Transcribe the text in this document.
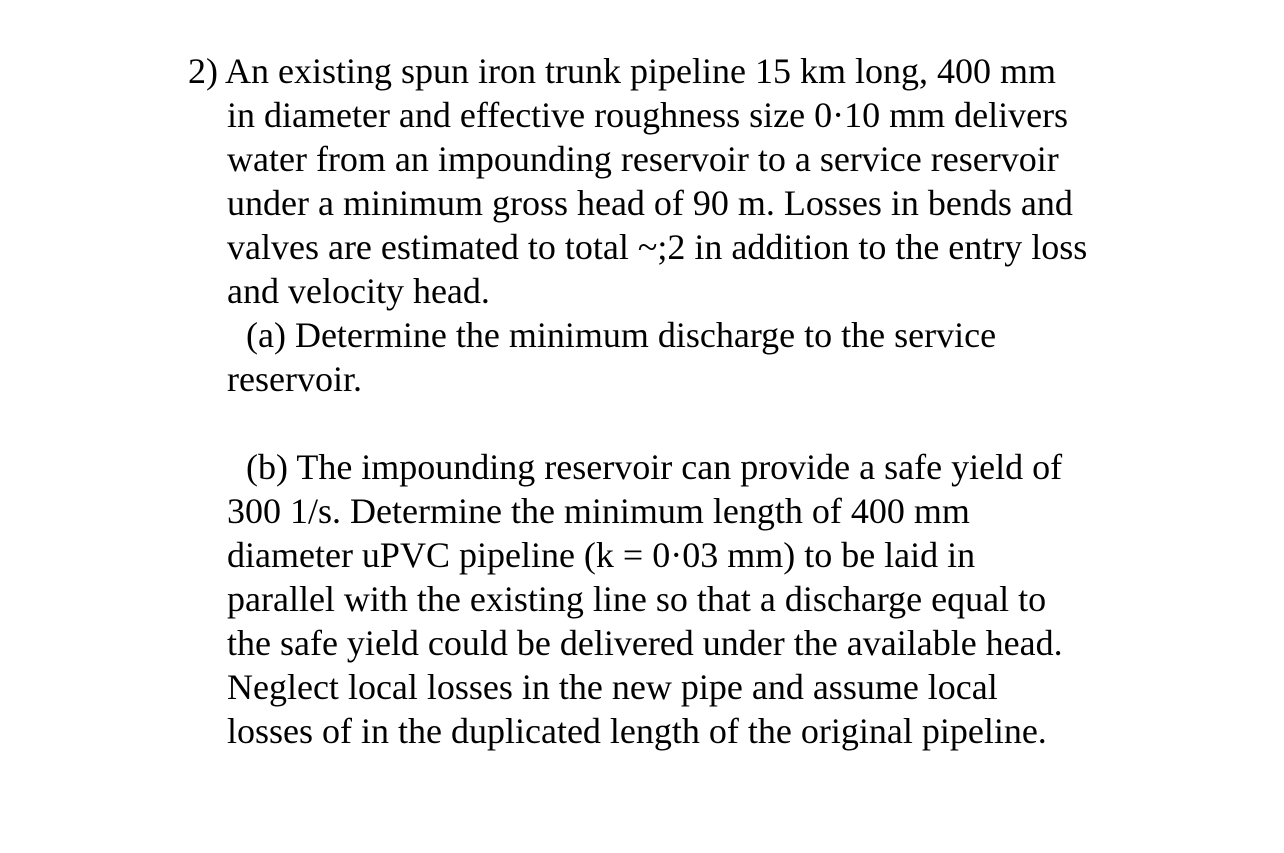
2) An existing spun iron trunk pipeline 15 km long, 400 mm
in diameter and effective roughness size 0·10 mm delivers
water from an impounding reservoir to a service reservoir
under a minimum gross head of 90 m. Losses in bends and
valves are estimated to total ~;2 in addition to the entry loss
and velocity head.
(a) Determine the minimum discharge to the service
reservoir.
(b) The impounding reservoir can provide a safe yield of
300 1/s. Determine the minimum length of 400 mm
diameter uPVC pipeline (k = 0·03 mm) to be laid in
parallel with the existing line so that a discharge equal to
the safe yield could be delivered under the available head.
Neglect local losses in the new pipe and assume local
losses of in the duplicated length of the original pipeline.
